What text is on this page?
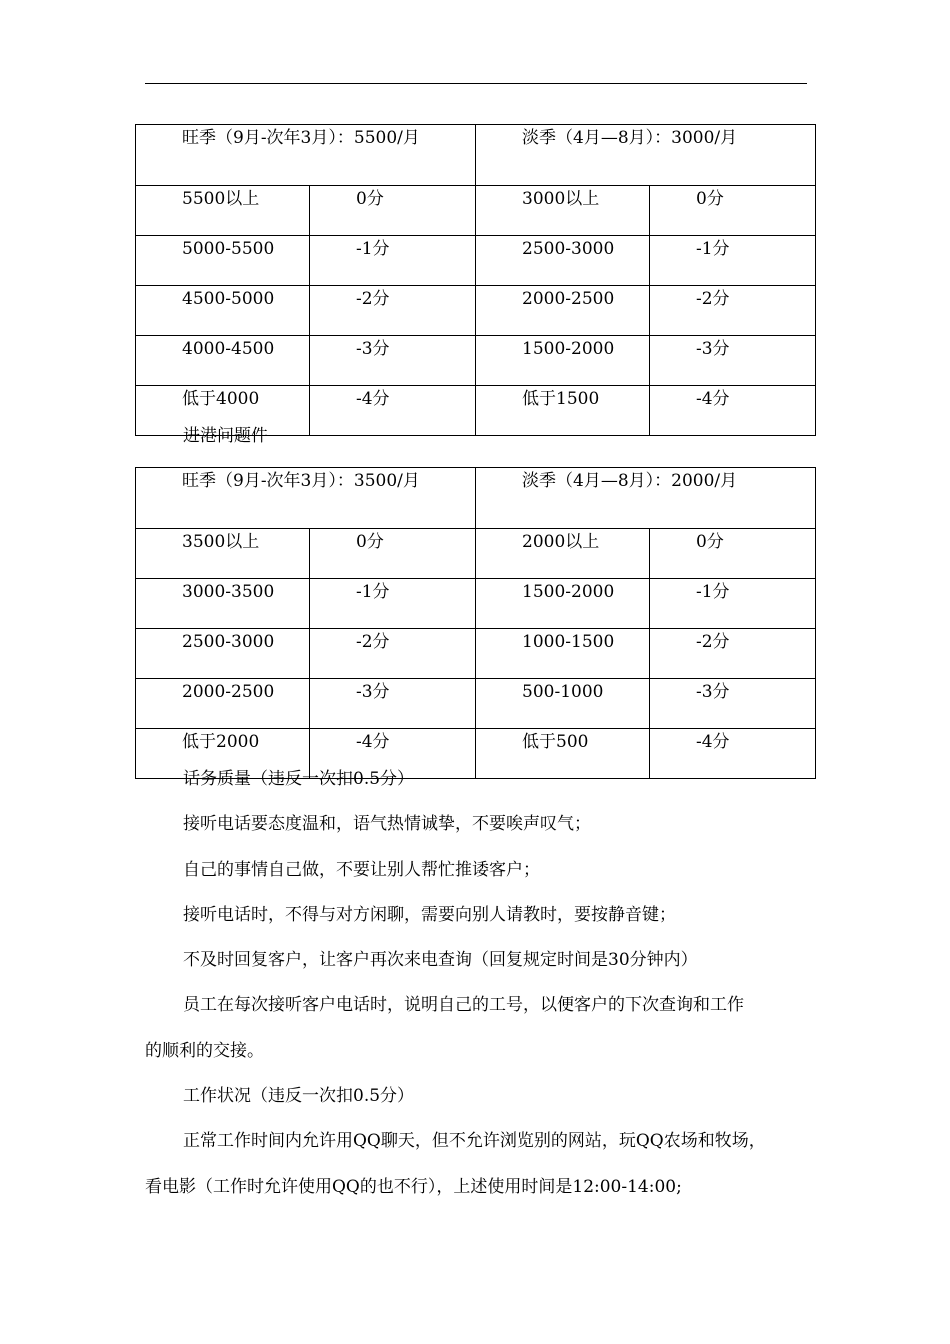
旺季（9月-次年3月）：5500/月		淡季（4月—8月）：3000/月	
5500以上	0分	3000以上	0分
5000-5500	-1分	2500-3000	-1分
4500-5000	-2分	2000-2500	-2分
4000-4500	-3分	1500-2000	-3分
低于4000	-4分	低于1500	-4分

进港问题件

旺季（9月-次年3月）：3500/月		淡季（4月—8月）：2000/月	
3500以上	0分	2000以上	0分
3000-3500	-1分	1500-2000	-1分
2500-3000	-2分	1000-1500	-2分
2000-2500	-3分	500-1000	-3分
低于2000	-4分	低于500	-4分

话务质量（违反一次扣0.5分）

接听电话要态度温和，语气热情诚挚，不要唉声叹气；

自己的事情自己做，不要让别人帮忙推诿客户；

接听电话时，不得与对方闲聊，需要向别人请教时，要按静音键；

不及时回复客户，让客户再次来电查询（回复规定时间是30分钟内）

员工在每次接听客户电话时，说明自己的工号，以便客户的下次查询和工作

的顺利的交接。

工作状况（违反一次扣0.5分）

正常工作时间内允许用QQ聊天，但不允许浏览别的网站，玩QQ农场和牧场，

看电影（工作时允许使用QQ的也不行），上述使用时间是12:00-14:00;
